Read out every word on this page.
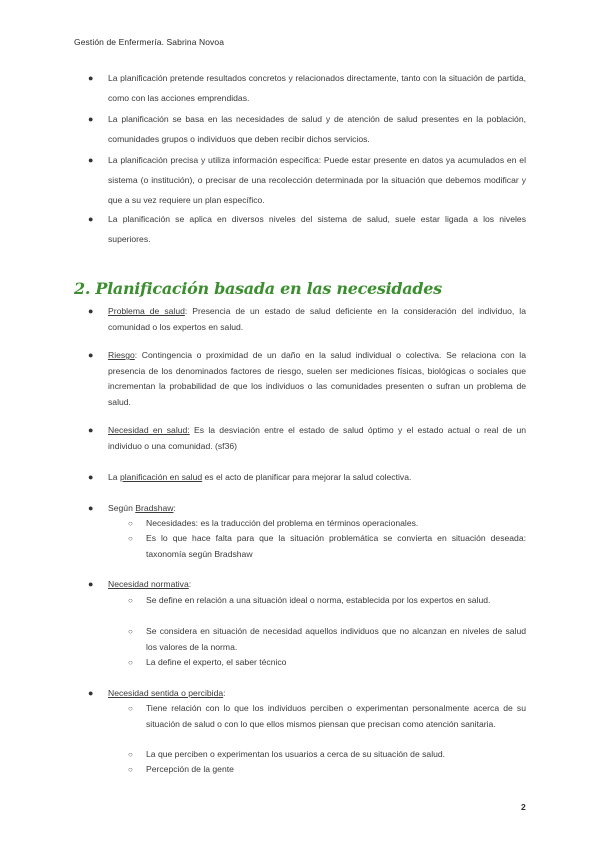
Gestión de Enfermería. Sabrina Novoa
● La planificación pretende resultados concretos y relacionados directamente, tanto con la situación de partida, como con las acciones emprendidas.
● La planificación se basa en las necesidades de salud y de atención de salud presentes en la población, comunidades grupos o individuos que deben recibir dichos servicios.
● La planificación precisa y utiliza información específica: Puede estar presente en datos ya acumulados en el sistema (o institución), o precisar de una recolección determinada por la situación que debemos modificar y que a su vez requiere un plan específico.
● La planificación se aplica en diversos niveles del sistema de salud, suele estar ligada a los niveles superiores.
2. Planificación basada en las necesidades
● Problema de salud: Presencia de un estado de salud deficiente en la consideración del individuo, la comunidad o los expertos en salud.
● Riesgo: Contingencia o proximidad de un daño en la salud individual o colectiva. Se relaciona con la presencia de los denominados factores de riesgo, suelen ser mediciones físicas, biológicas o sociales que incrementan la probabilidad de que los individuos o las comunidades presenten o sufran un problema de salud.
● Necesidad en salud: Es la desviación entre el estado de salud óptimo y el estado actual o real de un individuo o una comunidad. (sf36)
● La planificación en salud es el acto de planificar para mejorar la salud colectiva.
● Según Bradshaw:
○ Necesidades: es la traducción del problema en términos operacionales.
○ Es lo que hace falta para que la situación problemática se convierta en situación deseada: taxonomía según Bradshaw
● Necesidad normativa:
○ Se define en relación a una situación ideal o norma, establecida por los expertos en salud.
○ Se considera en situación de necesidad aquellos individuos que no alcanzan en niveles de salud los valores de la norma.
○ La define el experto, el saber técnico
● Necesidad sentida o percibida:
○ Tiene relación con lo que los individuos perciben o experimentan personalmente acerca de su situación de salud o con lo que ellos mismos piensan que precisan como atención sanitaria.
○ La que perciben o experimentan los usuarios a cerca de su situación de salud.
○ Percepción de la gente
2
